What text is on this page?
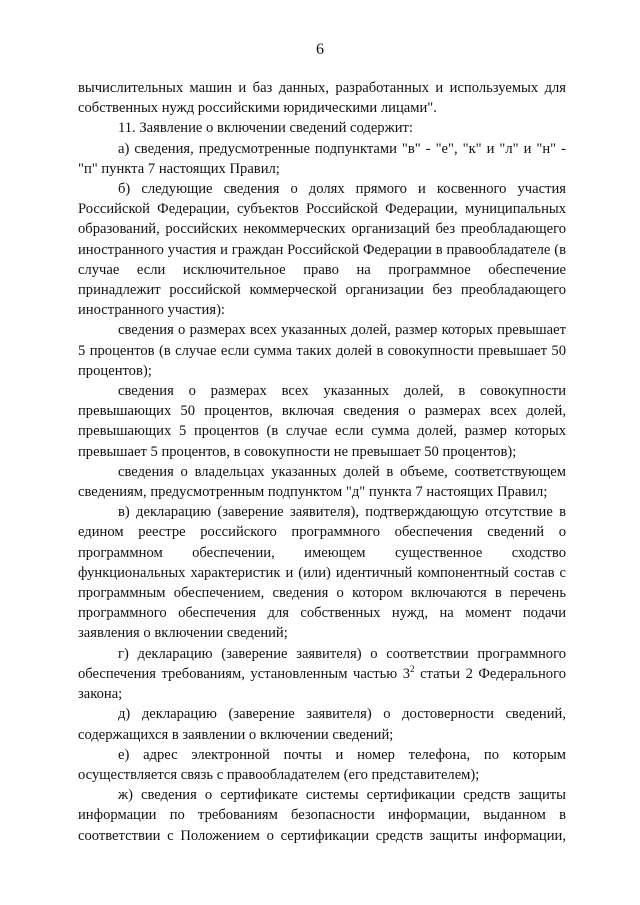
6

вычислительных машин и баз данных, разработанных и используемых для собственных нужд российскими юридическими лицами".

11. Заявление о включении сведений содержит:

а) сведения, предусмотренные подпунктами "в" - "е", "к" и "л" и "н" - "п" пункта 7 настоящих Правил;

б) следующие сведения о долях прямого и косвенного участия Российской Федерации, субъектов Российской Федерации, муниципальных образований, российских некоммерческих организаций без преобладающего иностранного участия и граждан Российской Федерации в правообладателе (в случае если исключительное право на программное обеспечение принадлежит российской коммерческой организации без преобладающего иностранного участия):

сведения о размерах всех указанных долей, размер которых превышает 5 процентов (в случае если сумма таких долей в совокупности превышает 50 процентов);

сведения о размерах всех указанных долей, в совокупности превышающих 50 процентов, включая сведения о размерах всех долей, превышающих 5 процентов (в случае если сумма долей, размер которых превышает 5 процентов, в совокупности не превышает 50 процентов);

сведения о владельцах указанных долей в объеме, соответствующем сведениям, предусмотренным подпунктом "д" пункта 7 настоящих Правил;

в) декларацию (заверение заявителя), подтверждающую отсутствие в едином реестре российского программного обеспечения сведений о программном обеспечении, имеющем существенное сходство функциональных характеристик и (или) идентичный компонентный состав с программным обеспечением, сведения о котором включаются в перечень программного обеспечения для собственных нужд, на момент подачи заявления о включении сведений;

г) декларацию (заверение заявителя) о соответствии программного обеспечения требованиям, установленным частью $3^2$ статьи 2 Федерального закона;

д) декларацию (заверение заявителя) о достоверности сведений, содержащихся в заявлении о включении сведений;

е) адрес электронной почты и номер телефона, по которым осуществляется связь с правообладателем (его представителем);

ж) сведения о сертификате системы сертификации средств защиты информации по требованиям безопасности информации, выданном в соответствии с Положением о сертификации средств защиты информации,
